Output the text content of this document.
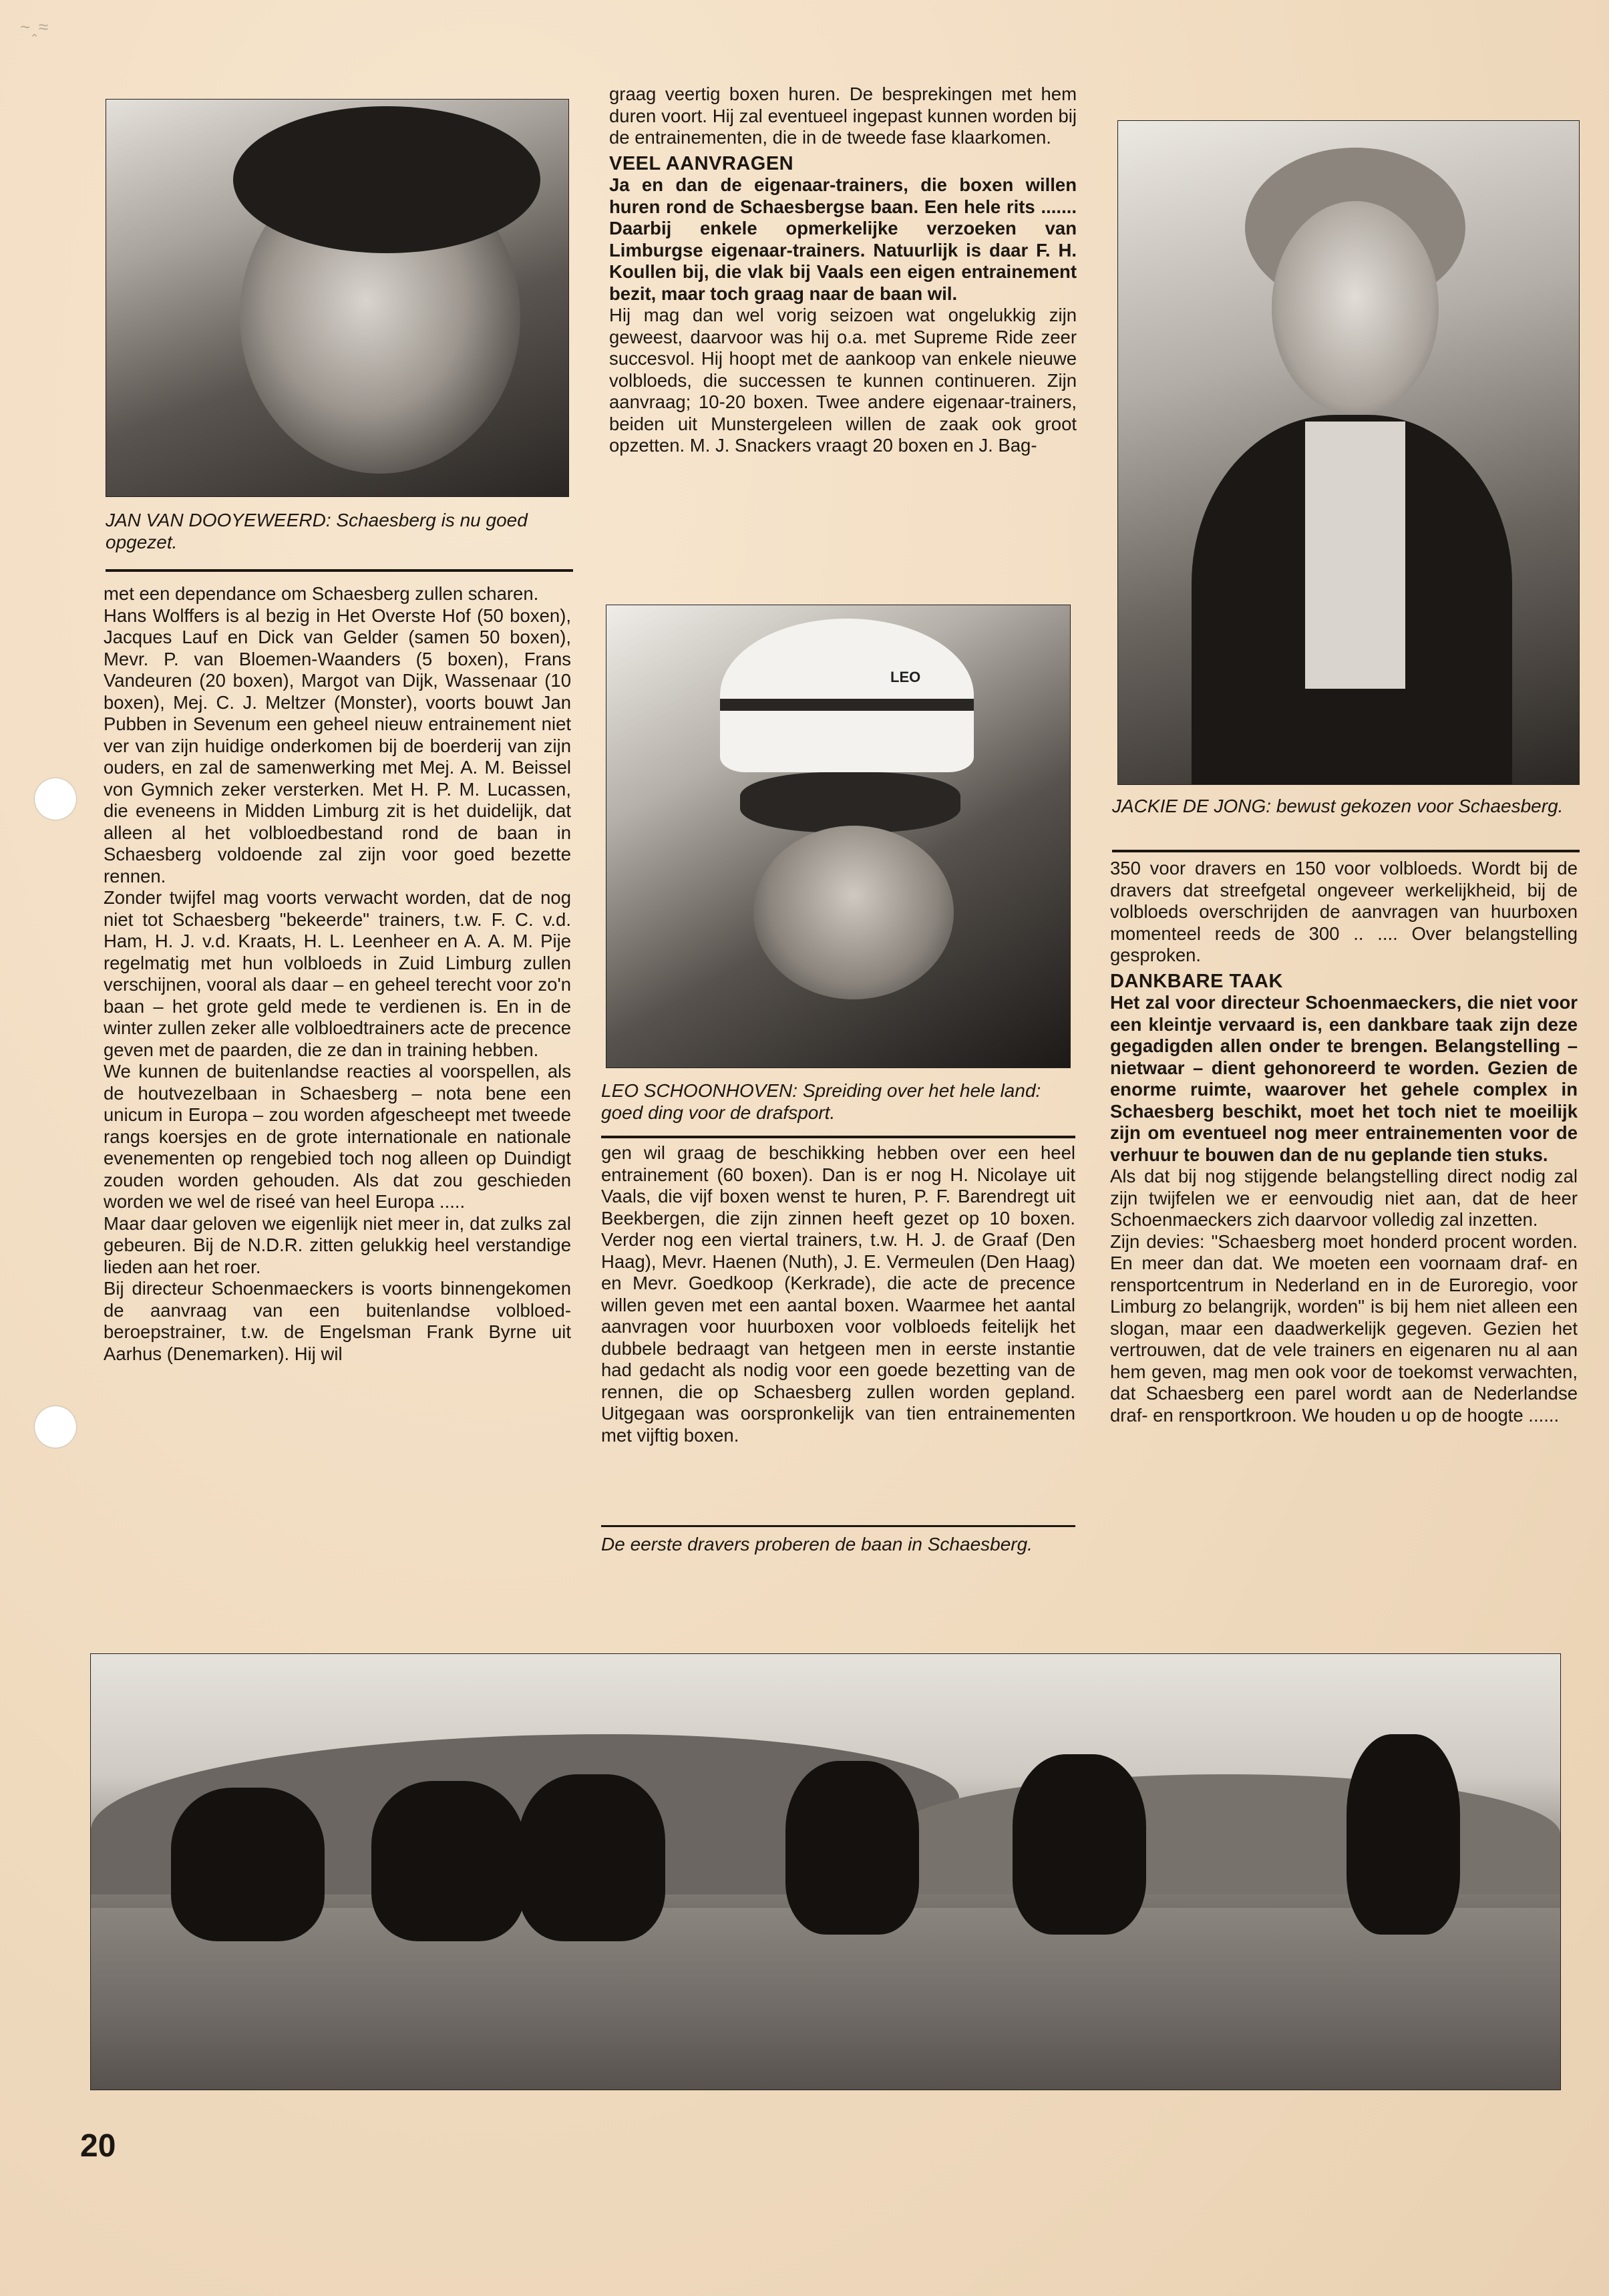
~ꞈ≈
JAN VAN DOOYEWEERD: Schaesberg is nu goed opgezet.
LEO
LEO SCHOONHOVEN: Spreiding over het hele land: goed ding voor de drafsport.
JACKIE DE JONG: bewust gekozen voor Schaesberg.

met een dependance om Schaesberg zullen scharen.

Hans Wolffers is al bezig in Het Overste Hof (50 boxen), Jacques Lauf en Dick van Gelder (samen 50 boxen), Mevr. P. van Bloemen-Waanders (5 boxen), Frans Vandeuren (20 boxen), Margot van Dijk, Wassenaar (10 boxen), Mej. C. J. Meltzer (Monster), voorts bouwt Jan Pubben in Sevenum een geheel nieuw entrainement niet ver van zijn huidige onderkomen bij de boerderij van zijn ouders, en zal de samenwerking met Mej. A. M. Beissel von Gymnich zeker versterken. Met H. P. M. Lucassen, die eveneens in Midden Limburg zit is het duidelijk, dat alleen al het volbloedbestand rond de baan in Schaesberg voldoende zal zijn voor goed bezette rennen.

Zonder twijfel mag voorts verwacht worden, dat de nog niet tot Schaesberg "bekeerde" trainers, t.w. F. C. v.d. Ham, H. J. v.d. Kraats, H. L. Leenheer en A. A. M. Pije regelmatig met hun volbloeds in Zuid Limburg zullen verschijnen, vooral als daar – en geheel terecht voor zo'n baan – het grote geld mede te verdienen is. En in de winter zullen zeker alle volbloedtrainers acte de precence geven met de paarden, die ze dan in training hebben.

We kunnen de buitenlandse reacties al voorspellen, als de houtvezelbaan in Schaesberg – nota bene een unicum in Europa – zou worden afgescheept met tweede rangs koersjes en de grote internationale en nationale evenementen op rengebied toch nog alleen op Duindigt zouden worden gehouden. Als dat zou geschieden worden we wel de riseé van heel Europa .....

Maar daar geloven we eigenlijk niet meer in, dat zulks zal gebeuren. Bij de N.D.R. zitten gelukkig heel verstandige lieden aan het roer.

Bij directeur Schoenmaeckers is voorts binnengekomen de aanvraag van een buitenlandse volbloed-beroepstrainer, t.w. de Engelsman Frank Byrne uit Aarhus (Denemarken). Hij wil

graag veertig boxen huren. De besprekingen met hem duren voort. Hij zal eventueel ingepast kunnen worden bij de entrainementen, die in de tweede fase klaarkomen.

VEEL AANVRAGEN

Ja en dan de eigenaar-trainers, die boxen willen huren rond de Schaesbergse baan. Een hele rits ....... Daarbij enkele opmerkelijke verzoeken van Limburgse eigenaar-trainers. Natuurlijk is daar F. H. Koullen bij, die vlak bij Vaals een eigen entrainement bezit, maar toch graag naar de baan wil.

Hij mag dan wel vorig seizoen wat ongelukkig zijn geweest, daarvoor was hij o.a. met Supreme Ride zeer succesvol. Hij hoopt met de aankoop van enkele nieuwe volbloeds, die successen te kunnen continueren. Zijn aanvraag; 10-20 boxen. Twee andere eigenaar-trainers, beiden uit Munstergeleen willen de zaak ook groot opzetten. M. J. Snackers vraagt 20 boxen en J. Bag-

gen wil graag de beschikking hebben over een heel entrainement (60 boxen). Dan is er nog H. Nicolaye uit Vaals, die vijf boxen wenst te huren, P. F. Barendregt uit Beekbergen, die zijn zinnen heeft gezet op 10 boxen. Verder nog een viertal trainers, t.w. H. J. de Graaf (Den Haag), Mevr. Haenen (Nuth), J. E. Vermeulen (Den Haag) en Mevr. Goedkoop (Kerkrade), die acte de precence willen geven met een aantal boxen. Waarmee het aantal aanvragen voor huurboxen voor volbloeds feitelijk het dubbele bedraagt van hetgeen men in eerste instantie had gedacht als nodig voor een goede bezetting van de rennen, die op Schaesberg zullen worden gepland. Uitgegaan was oorspronkelijk van tien entrainementen met vijftig boxen.

De eerste dravers proberen de baan in Schaesberg.

350 voor dravers en 150 voor volbloeds. Wordt bij de dravers dat streefgetal ongeveer werkelijkheid, bij de volbloeds overschrijden de aanvragen van huurboxen momenteel reeds de 300 .. .... Over belangstelling gesproken.

DANKBARE TAAK

Het zal voor directeur Schoenmaeckers, die niet voor een kleintje vervaard is, een dankbare taak zijn deze gegadigden allen onder te brengen. Belangstelling – nietwaar – dient gehonoreerd te worden. Gezien de enorme ruimte, waarover het gehele complex in Schaesberg beschikt, moet het toch niet te moeilijk zijn om eventueel nog meer entrainementen voor de verhuur te bouwen dan de nu geplande tien stuks.

Als dat bij nog stijgende belangstelling direct nodig zal zijn twijfelen we er eenvoudig niet aan, dat de heer Schoenmaeckers zich daarvoor volledig zal inzetten.

Zijn devies: "Schaesberg moet honderd procent worden. En meer dan dat. We moeten een voornaam draf- en rensportcentrum in Nederland en in de Euroregio, voor Limburg zo belangrijk, worden" is bij hem niet alleen een slogan, maar een daadwerkelijk gegeven. Gezien het vertrouwen, dat de vele trainers en eigenaren nu al aan hem geven, mag men ook voor de toekomst verwachten, dat Schaesberg een parel wordt aan de Nederlandse draf- en rensportkroon. We houden u op de hoogte ......

20
